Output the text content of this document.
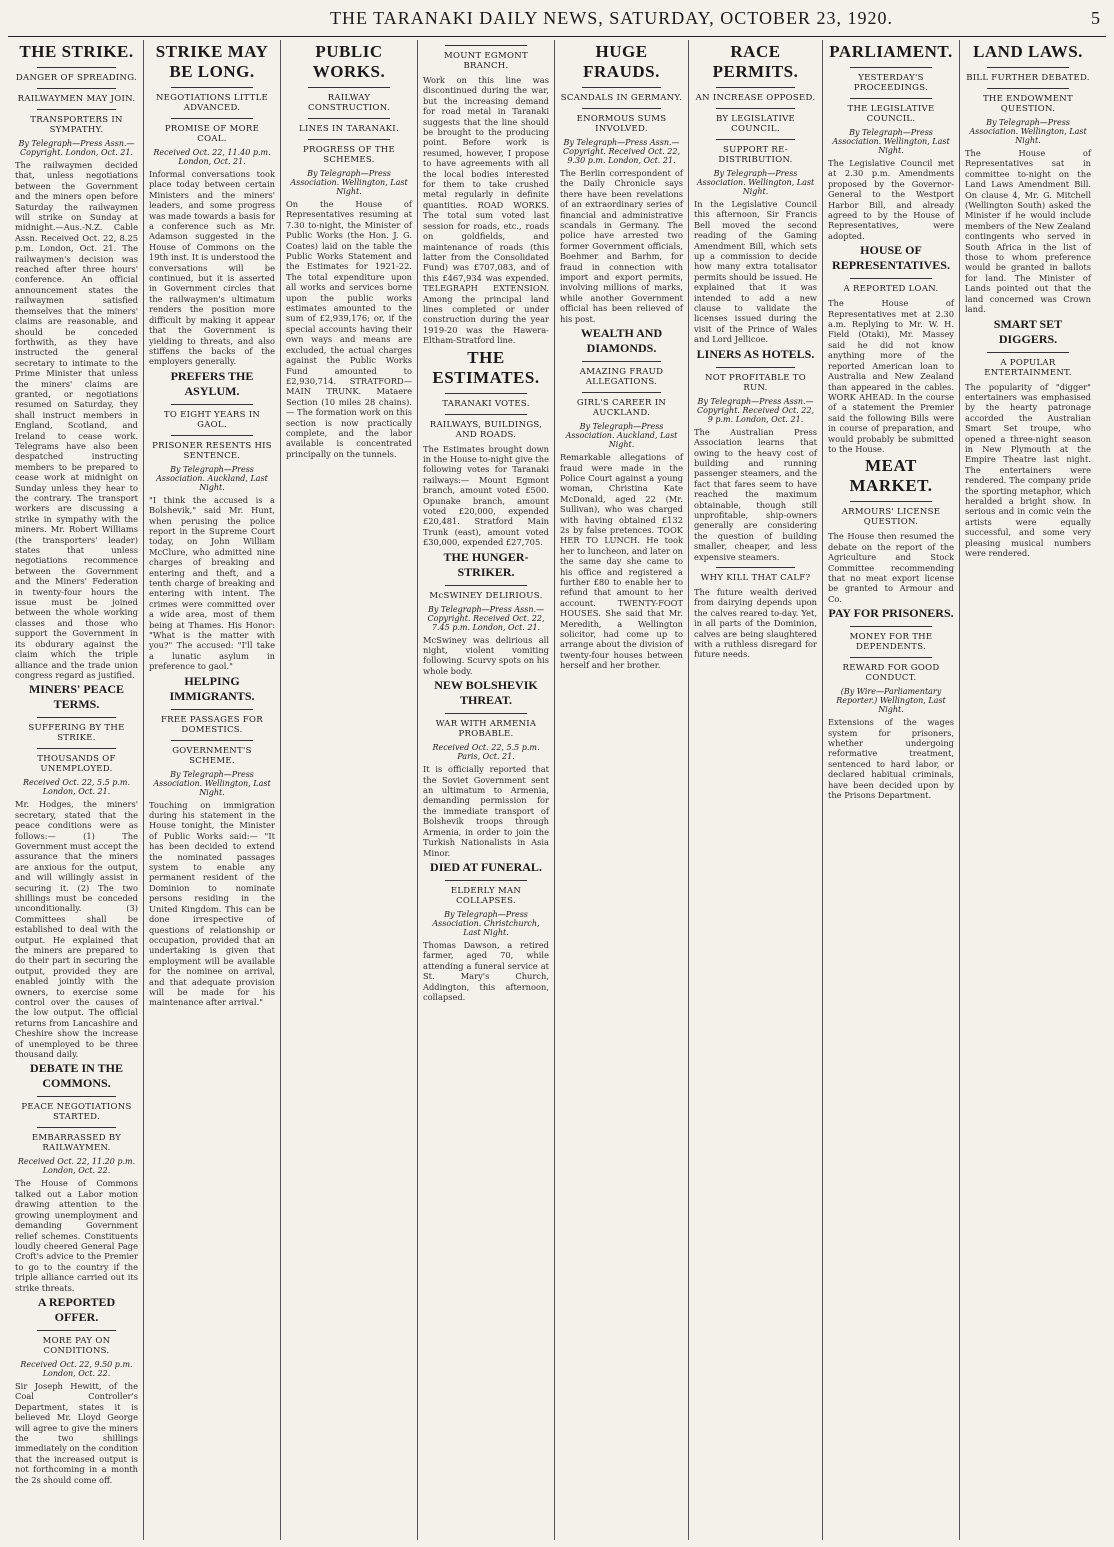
THE TARANAKI DAILY NEWS, SATURDAY, OCTOBER 23, 1920.	5
THE STRIKE.
DANGER OF SPREADING.
RAILWAYMEN MAY JOIN.
TRANSPORTERS IN SYMPATHY.
By Telegraph—Press Assn.—Copyright. London, Oct. 21.

The railwaymen decided that, unless negotiations between the Government and the miners open before Saturday the railwaymen will strike on Sunday at midnight.—Aus.-N.Z. Cable Assn. Received Oct. 22, 8.25 p.m. London, Oct. 21. The railwaymen's decision was reached after three hours' conference. An official announcement states the railwaymen satisfied themselves that the miners' claims are reasonable, and should be conceded forthwith, as they have instructed the general secretary to intimate to the Prime Minister that unless the miners' claims are granted, or negotiations resumed on Saturday, they shall instruct members in England, Scotland, and Ireland to cease work. Telegrams have also been despatched instructing members to be prepared to cease work at midnight on Sunday unless they hear to the contrary. The transport workers are discussing a strike in sympathy with the miners. Mr. Robert Williams (the transporters' leader) states that unless negotiations recommence between the Government and the Miners' Federation in twenty-four hours the issue must be joined between the whole working classes and those who support the Government in its obdurary against the claim which the triple alliance and the trade union congress regard as justified.

MINERS' PEACE TERMS.
SUFFERING BY THE STRIKE.
THOUSANDS OF UNEMPLOYED.
Received Oct. 22, 5.5 p.m. London, Oct. 21.

Mr. Hodges, the miners' secretary, stated that the peace conditions were as follows:— (1) The Government must accept the assurance that the miners are anxious for the output, and will willingly assist in securing it. (2) The two shillings must be conceded unconditionally. (3) Committees shall be established to deal with the output. He explained that the miners are prepared to do their part in securing the output, provided they are enabled jointly with the owners, to exercise some control over the causes of the low output. The official returns from Lancashire and Cheshire show the increase of unemployed to be three thousand daily.

DEBATE IN THE COMMONS.
PEACE NEGOTIATIONS STARTED.
EMBARRASSED BY RAILWAYMEN.
Received Oct. 22, 11.20 p.m. London, Oct. 22.

The House of Commons talked out a Labor motion drawing attention to the growing unemployment and demanding Government relief schemes. Constituents loudly cheered General Page Croft's advice to the Premier to go to the country if the triple alliance carried out its strike threats.

A REPORTED OFFER.
MORE PAY ON CONDITIONS.
Received Oct. 22, 9.50 p.m. London, Oct. 22.

Sir Joseph Hewitt, of the Coal Controller's Department, states it is believed Mr. Lloyd George will agree to give the miners the two shillings immediately on the condition that the increased output is not forthcoming in a month the 2s should come off.

STRIKE MAY BE LONG.
NEGOTIATIONS LITTLE ADVANCED.
PROMISE OF MORE COAL.
Received Oct. 22, 11.40 p.m. London, Oct. 21.

Informal conversations took place today between certain Ministers and the miners' leaders, and some progress was made towards a basis for a conference such as Mr. Adamson suggested in the House of Commons on the 19th inst. It is understood the conversations will be continued, but it is asserted in Government circles that the railwaymen's ultimatum renders the position more difficult by making it appear that the Government is yielding to threats, and also stiffens the backs of the employers generally.

PREFERS THE ASYLUM.
TO EIGHT YEARS IN GAOL.
PRISONER RESENTS HIS SENTENCE.
By Telegraph—Press Association. Auckland, Last Night.

"I think the accused is a Bolshevik," said Mr. Hunt, when perusing the police report in the Supreme Court today, on John William McClure, who admitted nine charges of breaking and entering and theft, and a tenth charge of breaking and entering with intent. The crimes were committed over a wide area, most of them being at Thames. His Honor: "What is the matter with you?" The accused: "I'll take a lunatic asylum in preference to gaol."

HELPING IMMIGRANTS.
FREE PASSAGES FOR DOMESTICS.
GOVERNMENT'S SCHEME.
By Telegraph—Press Association. Wellington, Last Night.

Touching on immigration during his statement in the House tonight, the Minister of Public Works said:— "It has been decided to extend the nominated passages system to enable any permanent resident of the Dominion to nominate persons residing in the United Kingdom. This can be done irrespective of questions of relationship or occupation, provided that an undertaking is given that employment will be available for the nominee on arrival, and that adequate provision will be made for his maintenance after arrival."

PUBLIC WORKS.
RAILWAY CONSTRUCTION.
LINES IN TARANAKI.
PROGRESS OF THE SCHEMES.
By Telegraph—Press Association. Wellington, Last Night.

On the House of Representatives resuming at 7.30 to-night, the Minister of Public Works (the Hon. J. G. Coates) laid on the table the Public Works Statement and the Estimates for 1921-22. The total expenditure upon all works and services borne upon the public works estimates amounted to the sum of £2,939,176; or, if the special accounts having their own ways and means are excluded, the actual charges against the Public Works Fund amounted to £2,930,714. STRATFORD—MAIN TRUNK. Mataere Section (10 miles 28 chains).— The formation work on this section is now practically complete, and the labor available is concentrated principally on the tunnels.

MOUNT EGMONT BRANCH.

Work on this line was discontinued during the war, but the increasing demand for road metal in Taranaki suggests that the line should be brought to the producing point. Before work is resumed, however, I propose to have agreements with all the local bodies interested for them to take crushed metal regularly in definite quantities. ROAD WORKS. The total sum voted last session for roads, etc., roads on goldfields, and maintenance of roads (this latter from the Consolidated Fund) was £707,083, and of this £467,934 was expended. TELEGRAPH EXTENSION. Among the principal land lines completed or under construction during the year 1919-20 was the Hawera-Eltham-Stratford line.

THE ESTIMATES.
TARANAKI VOTES.
RAILWAYS, BUILDINGS, AND ROADS.

The Estimates brought down in the House to-night give the following votes for Taranaki railways:— Mount Egmont branch, amount voted £500. Opunake branch, amount voted £20,000, expended £20,481. Stratford Main Trunk (east), amount voted £30,000, expended £27,705.

THE HUNGER-STRIKER.
McSWINEY DELIRIOUS.
By Telegraph—Press Assn.—Copyright. Received Oct. 22, 7.45 p.m. London, Oct. 21.

McSwiney was delirious all night, violent vomiting following. Scurvy spots on his whole body.

NEW BOLSHEVIK THREAT.
WAR WITH ARMENIA PROBABLE.
Received Oct. 22, 5.5 p.m. Paris, Oct. 21.

It is officially reported that the Soviet Government sent an ultimatum to Armenia, demanding permission for the immediate transport of Bolshevik troops through Armenia, in order to join the Turkish Nationalists in Asia Minor.

DIED AT FUNERAL.
ELDERLY MAN COLLAPSES.
By Telegraph—Press Association. Christchurch, Last Night.

Thomas Dawson, a retired farmer, aged 70, while attending a funeral service at St. Mary's Church, Addington, this afternoon, collapsed.

HUGE FRAUDS.
SCANDALS IN GERMANY.
ENORMOUS SUMS INVOLVED.
By Telegraph—Press Assn.—Copyright. Received Oct. 22, 9.30 p.m. London, Oct. 21.

The Berlin correspondent of the Daily Chronicle says there have been revelations of an extraordinary series of financial and administrative scandals in Germany. The police have arrested two former Government officials, Boehmer and Barhm, for fraud in connection with import and export permits, involving millions of marks, while another Government official has been relieved of his post.

WEALTH AND DIAMONDS.
AMAZING FRAUD ALLEGATIONS.
GIRL'S CAREER IN AUCKLAND.
By Telegraph—Press Association. Auckland, Last Night.

Remarkable allegations of fraud were made in the Police Court against a young woman, Christina Kate McDonald, aged 22 (Mr. Sullivan), who was charged with having obtained £132 2s by false pretences. TOOK HER TO LUNCH. He took her to luncheon, and later on the same day she came to his office and registered a further £80 to enable her to refund that amount to her account. TWENTY-FOOT HOUSES. She said that Mr. Meredith, a Wellington solicitor, had come up to arrange about the division of twenty-four houses between herself and her brother.

RACE PERMITS.
AN INCREASE OPPOSED.
BY LEGISLATIVE COUNCIL.
SUPPORT RE-DISTRIBUTION.
By Telegraph—Press Association. Wellington, Last Night.

In the Legislative Council this afternoon, Sir Francis Bell moved the second reading of the Gaming Amendment Bill, which sets up a commission to decide how many extra totalisator permits should be issued. He explained that it was intended to add a new clause to validate the licenses issued during the visit of the Prince of Wales and Lord Jellicoe.

LINERS AS HOTELS.
NOT PROFITABLE TO RUN.
By Telegraph—Press Assn.—Copyright. Received Oct. 22, 9 p.m. London, Oct. 21.

The Australian Press Association learns that owing to the heavy cost of building and running passenger steamers, and the fact that fares seem to have reached the maximum obtainable, though still unprofitable, ship-owners generally are considering the question of building smaller, cheaper, and less expensive steamers.

WHY KILL THAT CALF?

The future wealth derived from dairying depends upon the calves reared to-day. Yet, in all parts of the Dominion, calves are being slaughtered with a ruthless disregard for future needs.

PARLIAMENT.
YESTERDAY'S PROCEEDINGS.
THE LEGISLATIVE COUNCIL.
By Telegraph—Press Association. Wellington, Last Night.

The Legislative Council met at 2.30 p.m. Amendments proposed by the Governor-General to the Westport Harbor Bill, and already agreed to by the House of Representatives, were adopted.

HOUSE OF REPRESENTATIVES.
A REPORTED LOAN.

The House of Representatives met at 2.30 a.m. Replying to Mr. W. H. Field (Otaki), Mr. Massey said he did not know anything more of the reported American loan to Australia and New Zealand than appeared in the cables. WORK AHEAD. In the course of a statement the Premier said the following Bills were in course of preparation, and would probably be submitted to the House.

MEAT MARKET.
ARMOURS' LICENSE QUESTION.

The House then resumed the debate on the report of the Agriculture and Stock Committee recommending that no meat export license be granted to Armour and Co.

PAY FOR PRISONERS.
MONEY FOR THE DEPENDENTS.
REWARD FOR GOOD CONDUCT.
(By Wire—Parliamentary Reporter.) Wellington, Last Night.

Extensions of the wages system for prisoners, whether undergoing reformative treatment, sentenced to hard labor, or declared habitual criminals, have been decided upon by the Prisons Department.

LAND LAWS.
BILL FURTHER DEBATED.
THE ENDOWMENT QUESTION.
By Telegraph—Press Association. Wellington, Last Night.

The House of Representatives sat in committee to-night on the Land Laws Amendment Bill. On clause 4, Mr. G. Mitchell (Wellington South) asked the Minister if he would include members of the New Zealand contingents who served in South Africa in the list of those to whom preference would be granted in ballots for land. The Minister of Lands pointed out that the land concerned was Crown land.

SMART SET DIGGERS.
A POPULAR ENTERTAINMENT.

The popularity of "digger" entertainers was emphasised by the hearty patronage accorded the Australian Smart Set troupe, who opened a three-night season in New Plymouth at the Empire Theatre last night. The entertainers were rendered. The company pride the sporting metaphor, which heralded a bright show. In serious and in comic vein the artists were equally successful, and some very pleasing musical numbers were rendered.
